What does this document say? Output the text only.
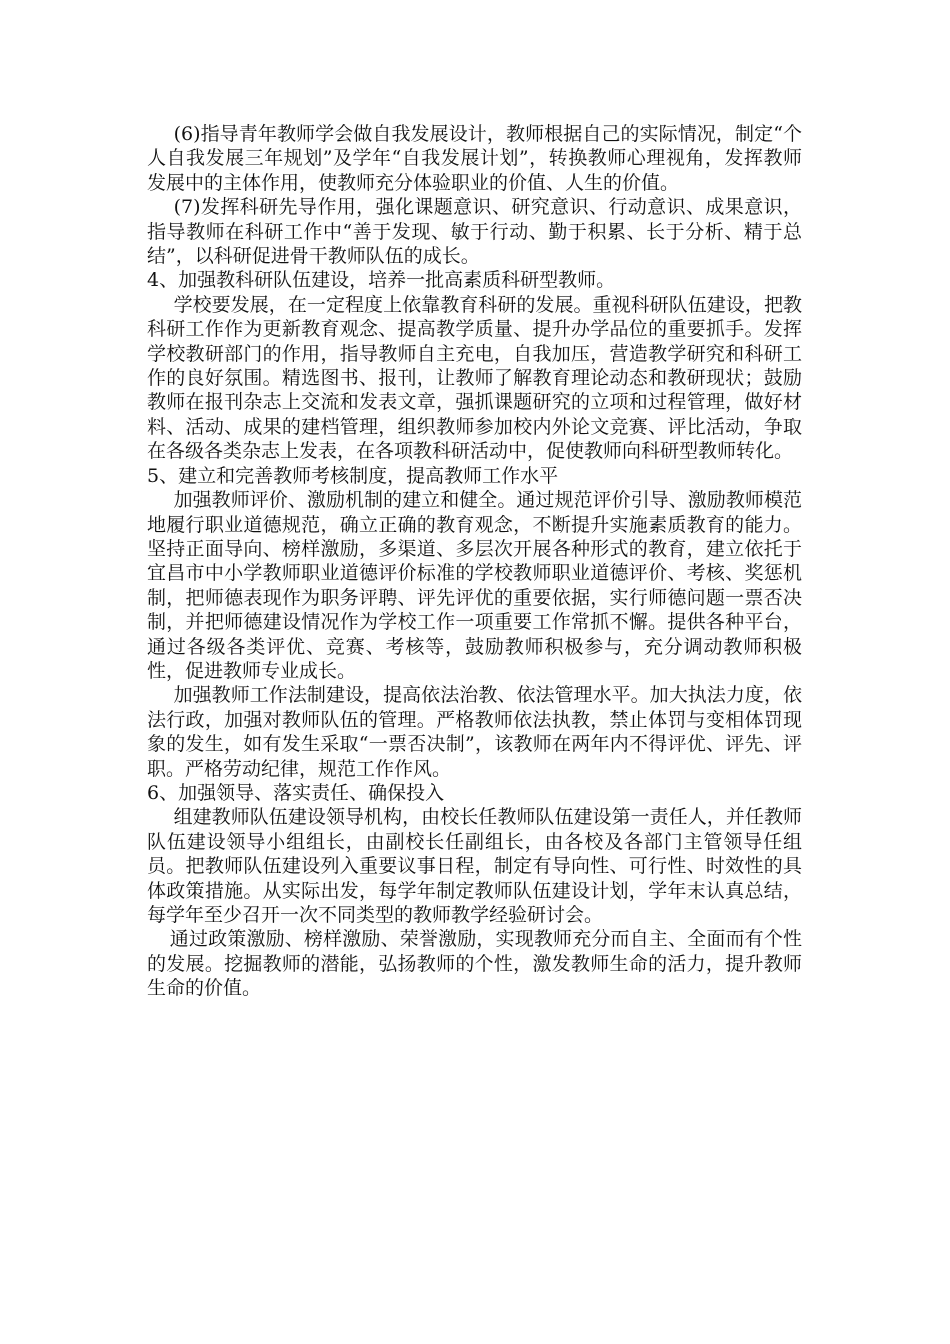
(6)指导青年教师学会做自我发展设计，教师根据自己的实际情况，制定“个人自我发展三年规划”及学年“自我发展计划”，转换教师心理视角，发挥教师发展中的主体作用，使教师充分体验职业的价值、人生的价值。

(7)发挥科研先导作用，强化课题意识、研究意识、行动意识、成果意识，指导教师在科研工作中“善于发现、敏于行动、勤于积累、长于分析、精于总结”，以科研促进骨干教师队伍的成长。

4、加强教科研队伍建设，培养一批高素质科研型教师。

学校要发展，在一定程度上依靠教育科研的发展。重视科研队伍建设，把教科研工作作为更新教育观念、提高教学质量、提升办学品位的重要抓手。发挥学校教研部门的作用，指导教师自主充电，自我加压，营造教学研究和科研工作的良好氛围。精选图书、报刊，让教师了解教育理论动态和教研现状；鼓励教师在报刊杂志上交流和发表文章，强抓课题研究的立项和过程管理，做好材料、活动、成果的建档管理，组织教师参加校内外论文竞赛、评比活动，争取在各级各类杂志上发表，在各项教科研活动中，促使教师向科研型教师转化。

5、建立和完善教师考核制度，提高教师工作水平

加强教师评价、激励机制的建立和健全。通过规范评价引导、激励教师模范地履行职业道德规范，确立正确的教育观念，不断提升实施素质教育的能力。坚持正面导向、榜样激励，多渠道、多层次开展各种形式的教育，建立依托于宜昌市中小学教师职业道德评价标准的学校教师职业道德评价、考核、奖惩机制，把师德表现作为职务评聘、评先评优的重要依据，实行师德问题一票否决制，并把师德建设情况作为学校工作一项重要工作常抓不懈。提供各种平台，通过各级各类评优、竞赛、考核等，鼓励教师积极参与，充分调动教师积极性，促进教师专业成长。

加强教师工作法制建设，提高依法治教、依法管理水平。加大执法力度，依法行政，加强对教师队伍的管理。严格教师依法执教，禁止体罚与变相体罚现象的发生，如有发生采取“一票否决制”，该教师在两年内不得评优、评先、评职。严格劳动纪律，规范工作作风。

6、加强领导、落实责任、确保投入

组建教师队伍建设领导机构，由校长任教师队伍建设第一责任人，并任教师队伍建设领导小组组长，由副校长任副组长，由各校及各部门主管领导任组员。把教师队伍建设列入重要议事日程，制定有导向性、可行性、时效性的具体政策措施。从实际出发，每学年制定教师队伍建设计划，学年末认真总结，每学年至少召开一次不同类型的教师教学经验研讨会。

通过政策激励、榜样激励、荣誉激励，实现教师充分而自主、全面而有个性的发展。挖掘教师的潜能，弘扬教师的个性，激发教师生命的活力，提升教师生命的价值。
